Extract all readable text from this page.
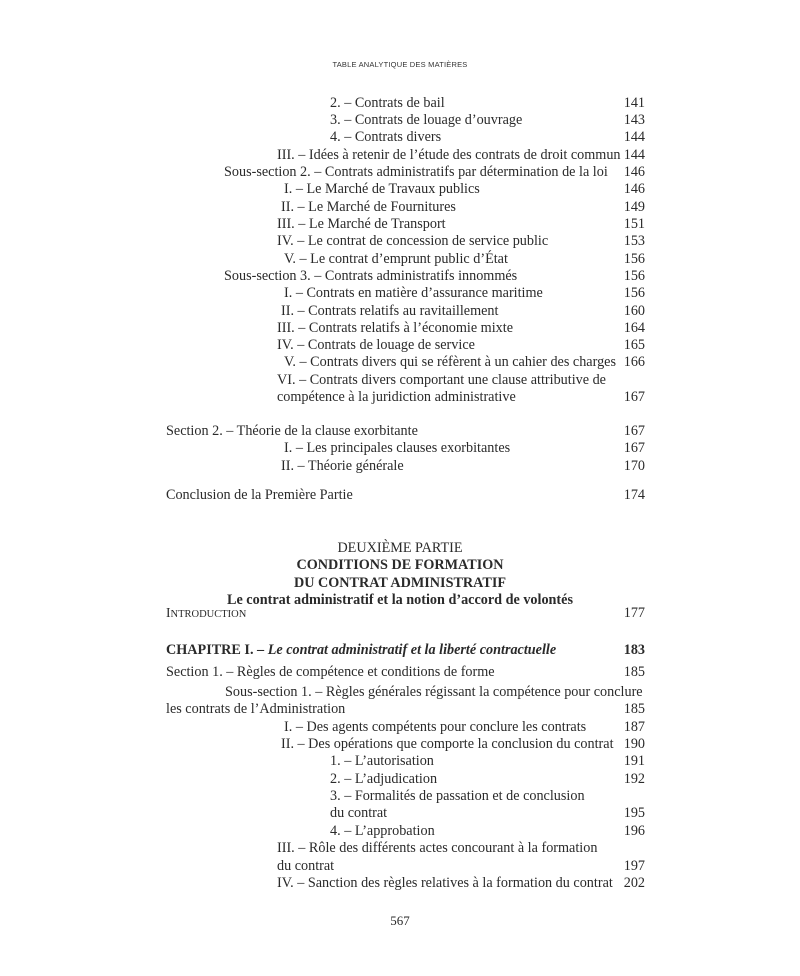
TABLE ANALYTIQUE DES MATIÈRES
2. – Contrats de bail	141
3. – Contrats de louage d’ouvrage	143
4. – Contrats divers	144
III. – Idées à retenir de l’étude des contrats de droit commun 144
Sous-section 2. – Contrats administratifs par détermination de la loi 146
I. – Le Marché de Travaux publics	146
II. – Le Marché de Fournitures	149
III. – Le Marché de Transport	151
IV. – Le contrat de concession de service public	153
V. – Le contrat d’emprunt public d’État	156
Sous-section 3. – Contrats administratifs innommés	156
I. – Contrats en matière d’assurance maritime	156
II. – Contrats relatifs au ravitaillement	160
III. – Contrats relatifs à l’économie mixte	164
IV. – Contrats de louage de service	165
V. – Contrats divers qui se réfèrent à un cahier des charges 166
VI. – Contrats divers comportant une clause attributive de
compétence à la juridiction administrative	167
Section 2. – Théorie de la clause exorbitante	167
I. – Les principales clauses exorbitantes	167
II. – Théorie générale	170
Conclusion de la Première Partie	174
DEUXIÈME PARTIE
CONDITIONS DE FORMATION
DU CONTRAT ADMINISTRATIF
Le contrat administratif et la notion d’accord de volontés
INTRODUCTION	177
CHAPITRE I. – Le contrat administratif et la liberté contractuelle	183
Section 1. – Règles de compétence et conditions de forme	185
Sous-section 1. – Règles générales régissant la compétence pour conclure
les contrats de l’Administration	185
I. – Des agents compétents pour conclure les contrats	187
II. – Des opérations que comporte la conclusion du contrat 190
1. – L’autorisation	191
2. – L’adjudication	192
3. – Formalités de passation et de conclusion
du contrat	195
4. – L’approbation	196
III. – Rôle des différents actes concourant à la formation
du contrat	197
IV. – Sanction des règles relatives à la formation du contrat 202
567
